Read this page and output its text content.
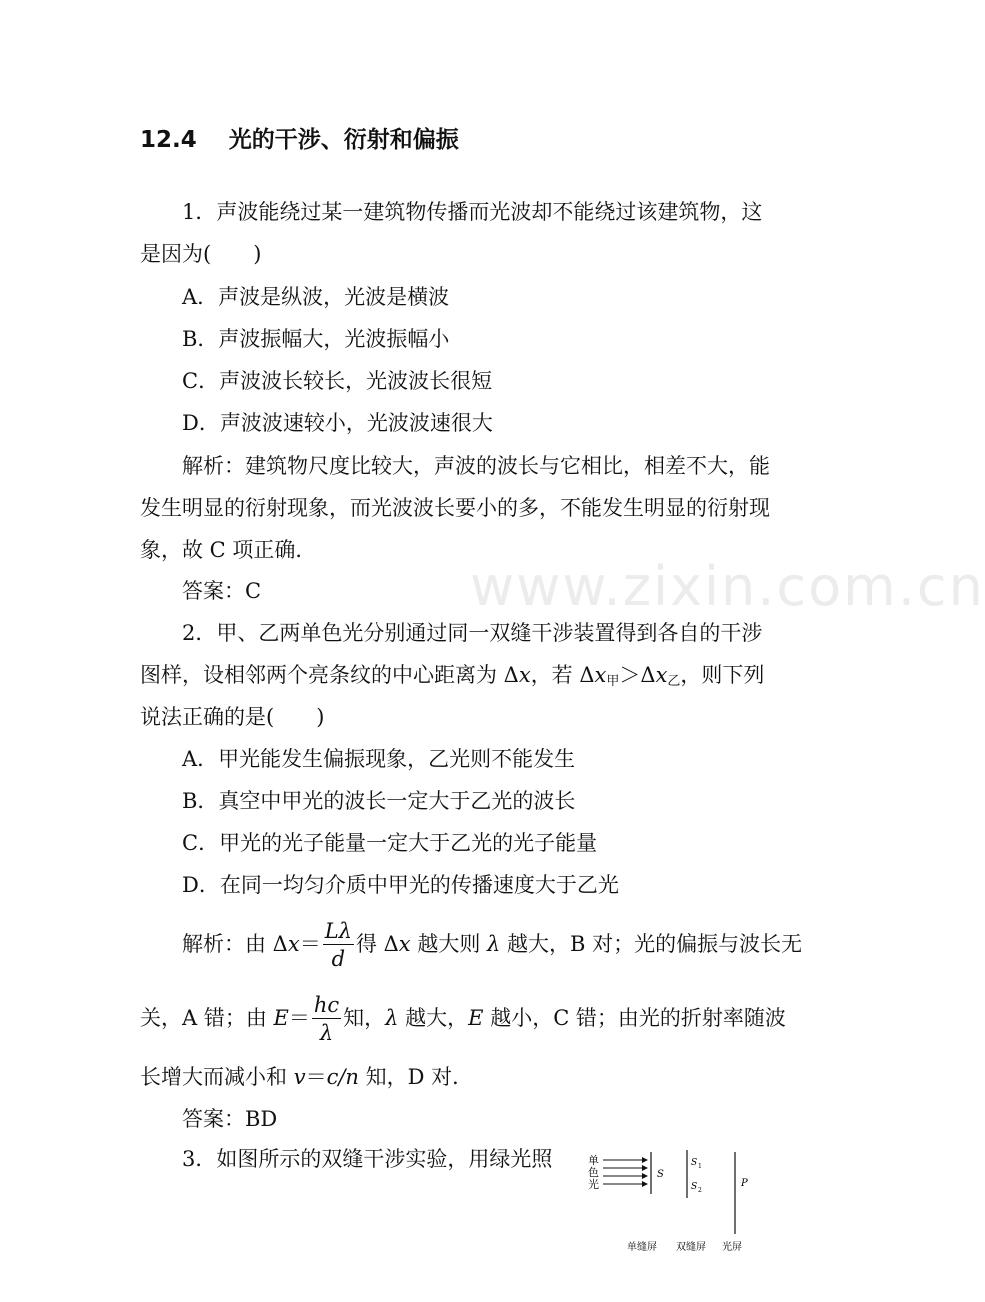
www.zixin.com.cn
12.4 光的干涉、衍射和偏振
1．声波能绕过某一建筑物传播而光波却不能绕过该建筑物，这
是因为(　　)
A．声波是纵波，光波是横波
B．声波振幅大，光波振幅小
C．声波波长较长，光波波长很短
D．声波波速较小，光波波速很大
解析：建筑物尺度比较大，声波的波长与它相比，相差不大，能
发生明显的衍射现象，而光波波长要小的多，不能发生明显的衍射现
象，故 C 项正确．
答案：C
2．甲、乙两单色光分别通过同一双缝干涉装置得到各自的干涉
图样，设相邻两个亮条纹的中心距离为 Δx，若 $\Delta x_甲>\Delta x_乙$，则下列
说法正确的是(　　)
A．甲光能发生偏振现象，乙光则不能发生
B．真空中甲光的波长一定大于乙光的波长
C．甲光的光子能量一定大于乙光的光子能量
D．在同一均匀介质中甲光的传播速度大于乙光
解析：由 $\Delta x= \frac{L\lambda}{d}$ 得 Δx 越大则 λ 越大，B 对；光的偏振与波长无
关，A 错；由 $E= \frac{hc}{\lambda}$ 知，λ 越大，E 越小，C 错；由光的折射率随波
长增大而减小和 v＝c/n 知，D 对．
答案：BD
3．如图所示的双缝干涉实验，用绿光照	单
色
光
S
S 1
S 2
P
单缝屏 双缝屏 光屏
